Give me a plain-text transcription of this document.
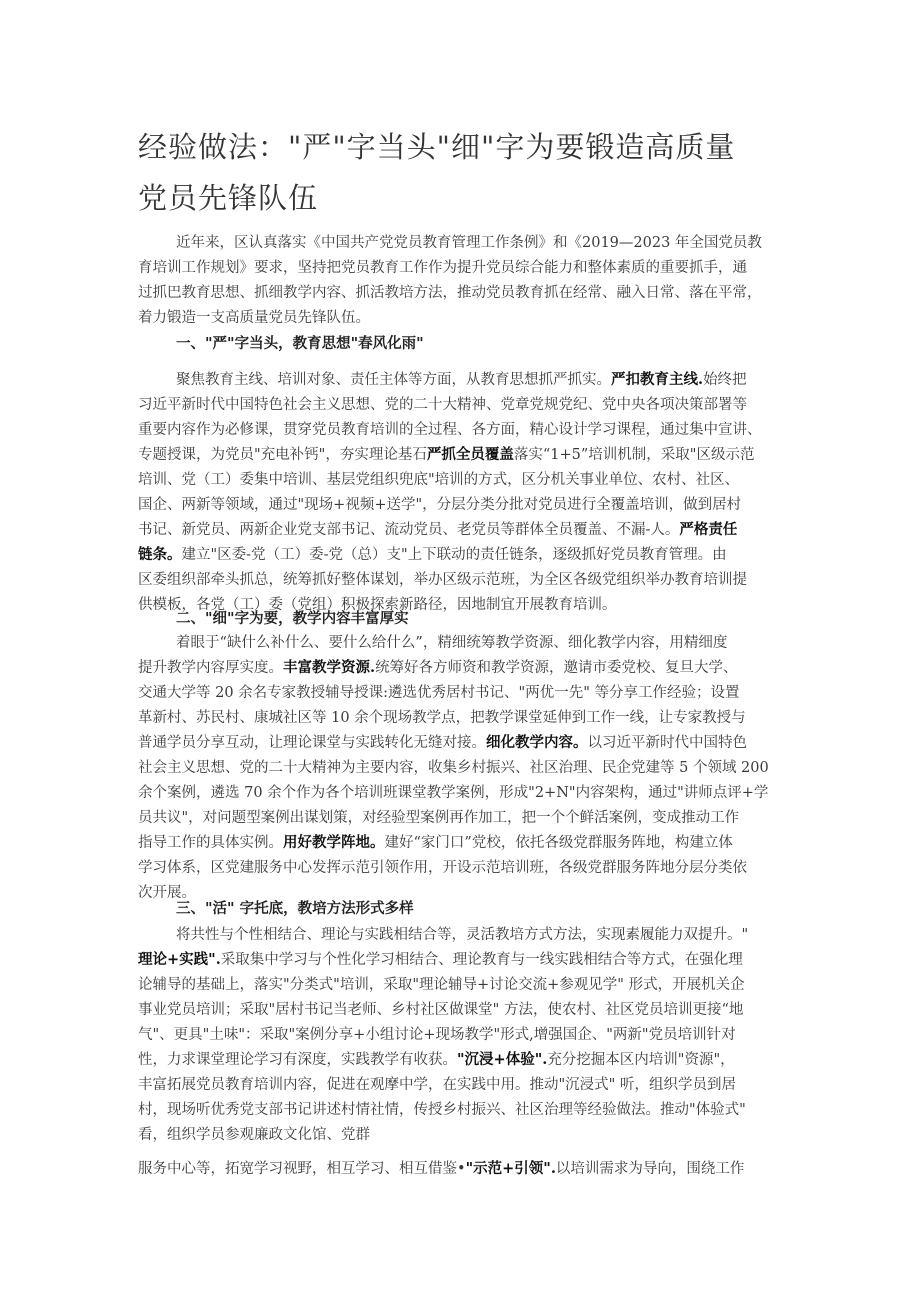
经验做法："严"字当头"细"字为要锻造高质量
党员先锋队伍
近年来，区认真落实《中国共产党党员教育管理工作条例》和《2019—2023 年全国党员教
育培训工作规划》要求，坚持把党员教育工作作为提升党员综合能力和整体素质的重要抓手，通
过抓巴教育思想、抓细教学内容、抓活教培方法，推动党员教育抓在经常、融入日常、落在平常，
着力锻造一支高质量党员先锋队伍。
一、"严"字当头，教育思想"春风化雨"
聚焦教育主线、培训对象、责任主体等方面，从教育思想抓严抓实。严扣教育主线.始终把
习近平新时代中国特色社会主义思想、党的二十大精神、党章党规党纪、党中央各项决策部署等
重要内容作为必修课，贯穿党员教育培训的全过程、各方面，精心设计学习课程，通过集中宣讲、
专题授课，为党员"充电补钙"，夯实理论基石严抓全员覆盖落实“1+5”培训机制，采取"区级示范
培训、党（工）委集中培训、基层党组织兜底"培训的方式，区分机关事业单位、农村、社区、
国企、两新等领域，通过"现场+视频+送学"，分层分类分批对党员进行全覆盖培训，做到居村
书记、新党员、两新企业党支部书记、流动党员、老党员等群体全员覆盖、不漏-人。严格责任
链条。建立"区委-党（工）委-党（总）支"上下联动的责任链条，逐级抓好党员教育管理。由
区委组织部牵头抓总，统筹抓好整体谋划，举办区级示范班，为全区各级党组织举办教育培训提
供模板，各党（工）委（党组）积极探索新路径，因地制宜开展教育培训。
二、"细"字为要，教学内容丰富厚实
着眼于“缺什么补什么、要什么给什么”，精细统筹教学资源、细化教学内容，用精细度
提升教学内容厚实度。丰富教学资源.统筹好各方师资和教学资源，邀请市委党校、复旦大学、
交通大学等 20 余名专家教授辅导授课:遴选优秀居村书记、"两优一先" 等分享工作经验；设置
革新村、苏民村、康城社区等 10 余个现场教学点，把教学课堂延伸到工作一线，让专家教授与
普通学员分享互动，让理论课堂与实践转化无缝对接。细化教学内容。以习近平新时代中国特色
社会主义思想、党的二十大精神为主要内容，收集乡村振兴、社区治理、民企党建等 5 个领域 200
余个案例，遴选 70 余个作为各个培训班课堂教学案例，形成"2+N"内容架构，通过"讲师点评+学
员共议"，对问题型案例出谋划策，对经验型案例再作加工，把一个个鲜活案例，变成推动工作
指导工作的具体实例。用好教学阵地。建好“家门口”党校，依托各级党群服务阵地，构建立体
学习体系，区党建服务中心发挥示范引领作用，开设示范培训班，各级党群服务阵地分层分类依
次开展。
三、"活" 字托底，教培方法形式多样
将共性与个性相结合、理论与实践相结合等，灵活教培方式方法，实现素履能力双提升。"
理论+实践".采取集中学习与个性化学习相结合、理论教育与一线实践相结合等方式，在强化理
论辅导的基础上，落实"分类式"培训，采取"理论辅导+讨论交流+参观见学" 形式，开展机关企
事业党员培训；采取"居村书记当老师、乡村社区做课堂" 方法，使农村、社区党员培训更接“地
气"、更具"土味"：采取"案例分享+小组讨论+现场教学"形式,增强国企、"两新"党员培训针对
性，力求课堂理论学习有深度，实践教学有收获。"沉浸+体验".充分挖掘本区内培训"资源"，
丰富拓展党员教育培训内容，促进在观摩中学，在实践中用。推动"沉浸式" 听，组织学员到居
村，现场听优秀党支部书记讲述村情社情，传授乡村振兴、社区治理等经验做法。推动"体验式"
看，组织学员参观廉政文化馆、党群
服务中心等，拓宽学习视野，相互学习、相互借鉴•"示范+引领".以培训需求为导向，围绕工作
